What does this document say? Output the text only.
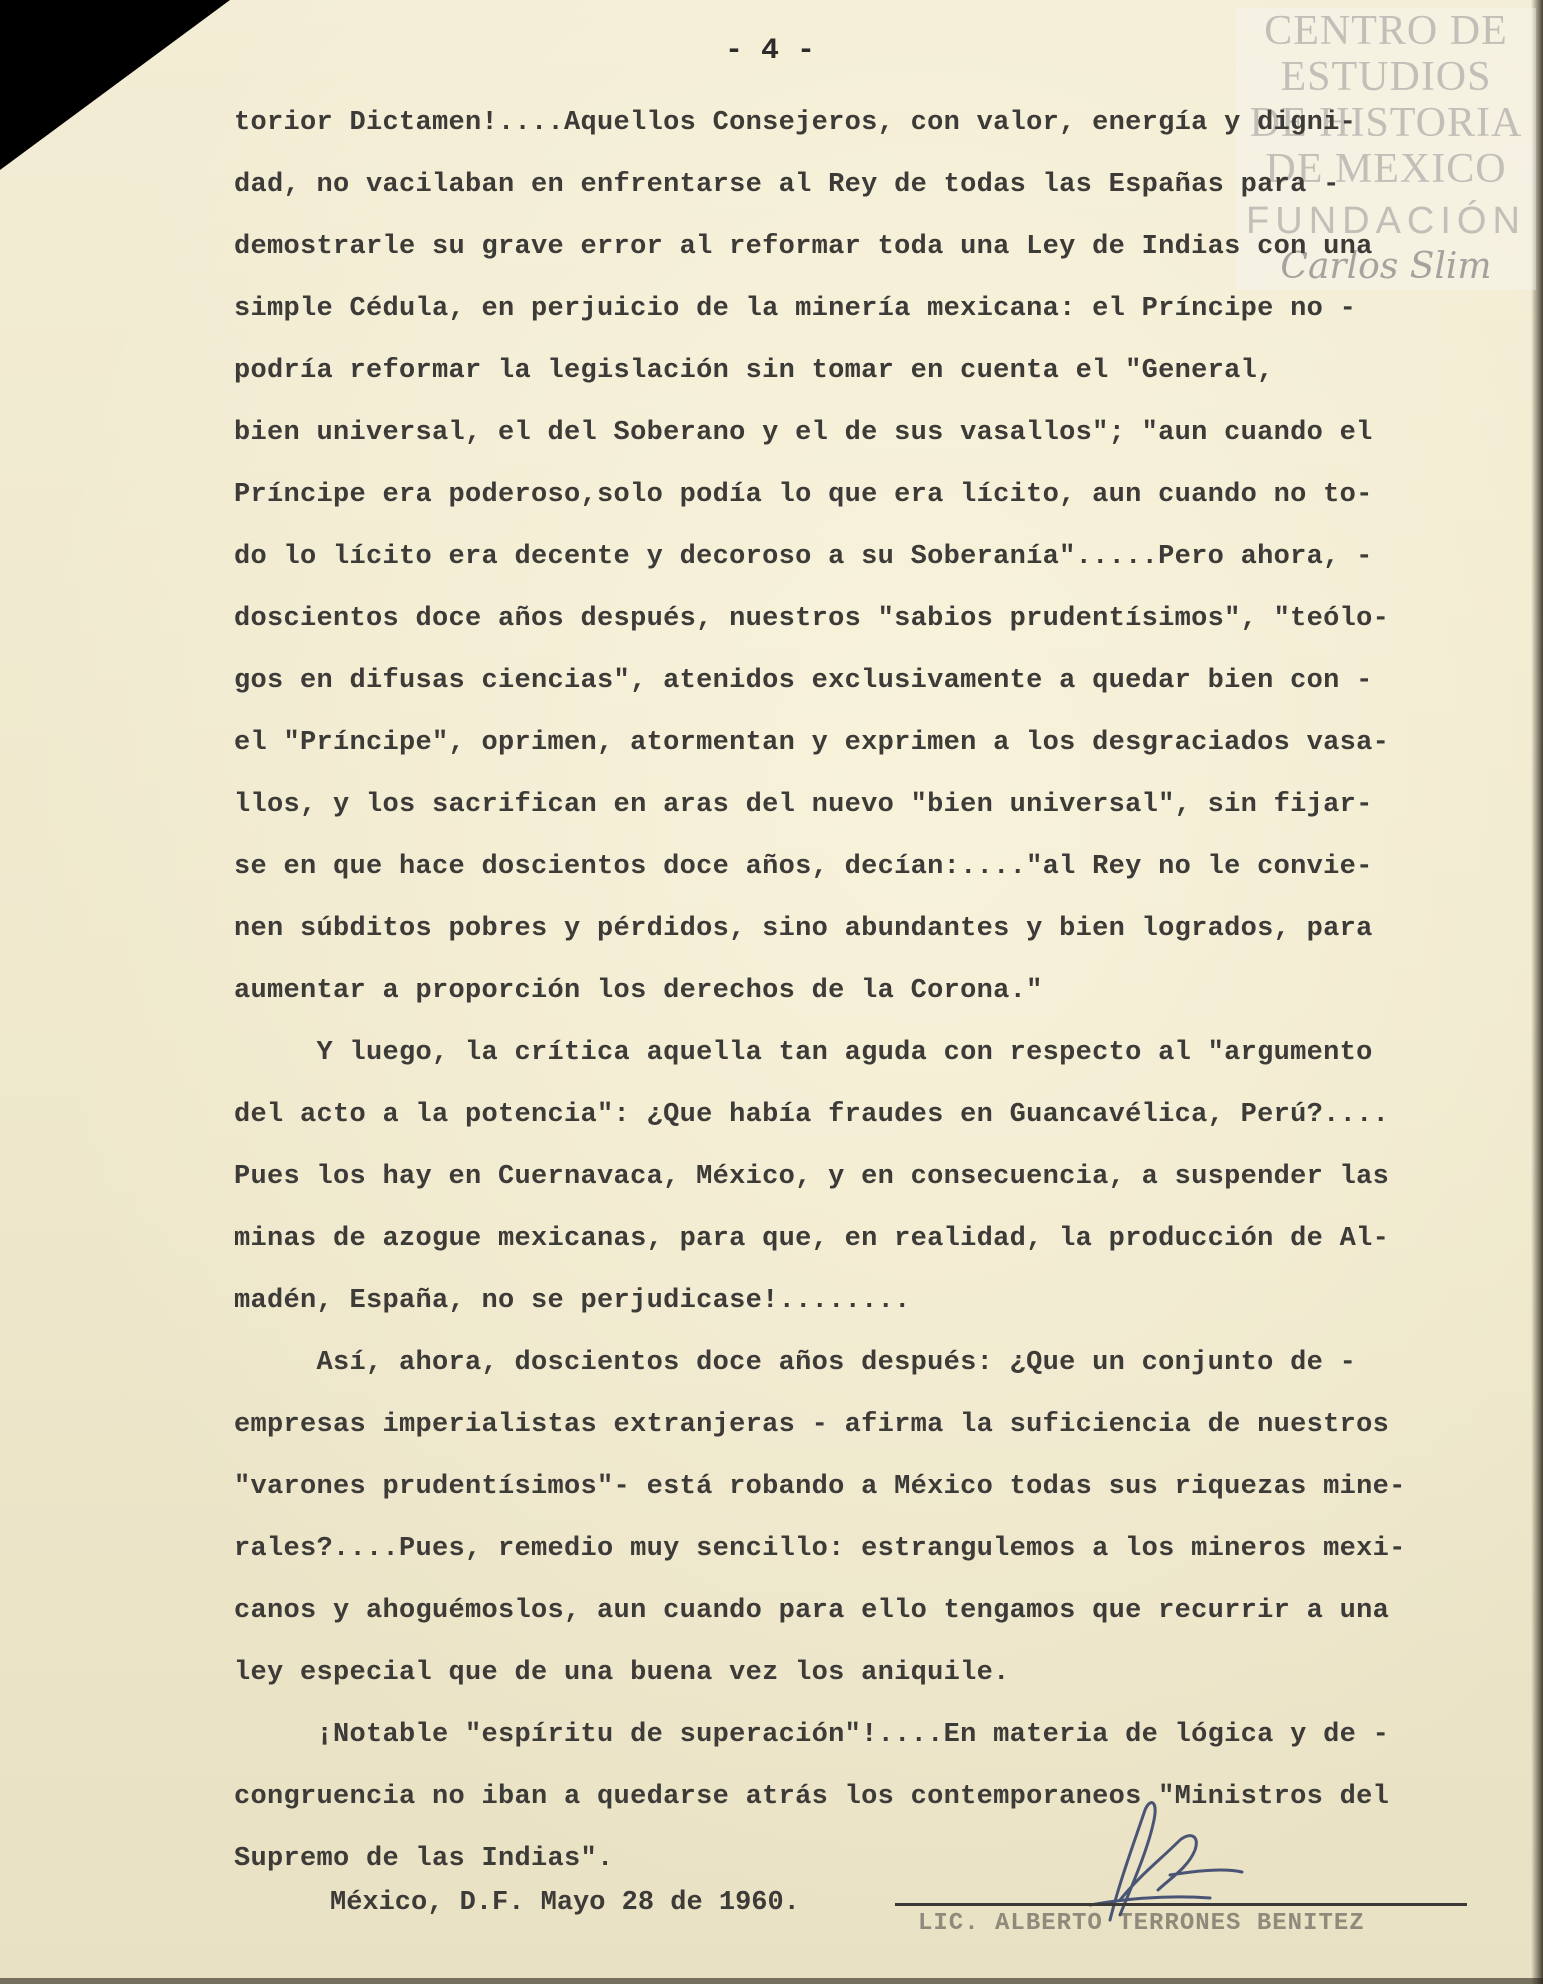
- 4 -	CENTRO DE
ESTUDIOS
DE HISTORIA
DE MEXICO
FUNDACIÓN
Carlos Slim
torior Dictamen!....Aquellos Consejeros, con valor, energía y digni-
dad, no vacilaban en enfrentarse al Rey de todas las Españas para -
demostrarle su grave error al reformar toda una Ley de Indias con una
simple Cédula, en perjuicio de la minería mexicana: el Príncipe no -
podría reformar la legislación sin tomar en cuenta el "General,
bien universal, el del Soberano y el de sus vasallos"; "aun cuando el
Príncipe era poderoso,solo podía lo que era lícito, aun cuando no to-
do lo lícito era decente y decoroso a su Soberanía".....Pero ahora, -
doscientos doce años después, nuestros "sabios prudentísimos", "teólo-
gos en difusas ciencias", atenidos exclusivamente a quedar bien con -
el "Príncipe", oprimen, atormentan y exprimen a los desgraciados vasa-
llos, y los sacrifican en aras del nuevo "bien universal", sin fijar-
se en que hace doscientos doce años, decían:...."al Rey no le convie-
nen súbditos pobres y pérdidos, sino abundantes y bien logrados, para
aumentar a proporción los derechos de la Corona."
Y luego, la crítica aquella tan aguda con respecto al "argumento
del acto a la potencia": ¿Que había fraudes en Guancavélica, Perú?....
Pues los hay en Cuernavaca, México, y en consecuencia, a suspender las
minas de azogue mexicanas, para que, en realidad, la producción de Al-
madén, España, no se perjudicase!........
Así, ahora, doscientos doce años después: ¿Que un conjunto de -
empresas imperialistas extranjeras - afirma la suficiencia de nuestros
"varones prudentísimos"- está robando a México todas sus riquezas mine-
rales?....Pues, remedio muy sencillo: estrangulemos a los mineros mexi-
canos y ahoguémoslos, aun cuando para ello tengamos que recurrir a una
ley especial que de una buena vez los aniquile.
¡Notable "espíritu de superación"!....En materia de lógica y de -
congruencia no iban a quedarse atrás los contemporaneos "Ministros del
Supremo de las Indias".
México, D.F. Mayo 28 de 1960.
LIC. ALBERTO TERRONES BENITEZ
